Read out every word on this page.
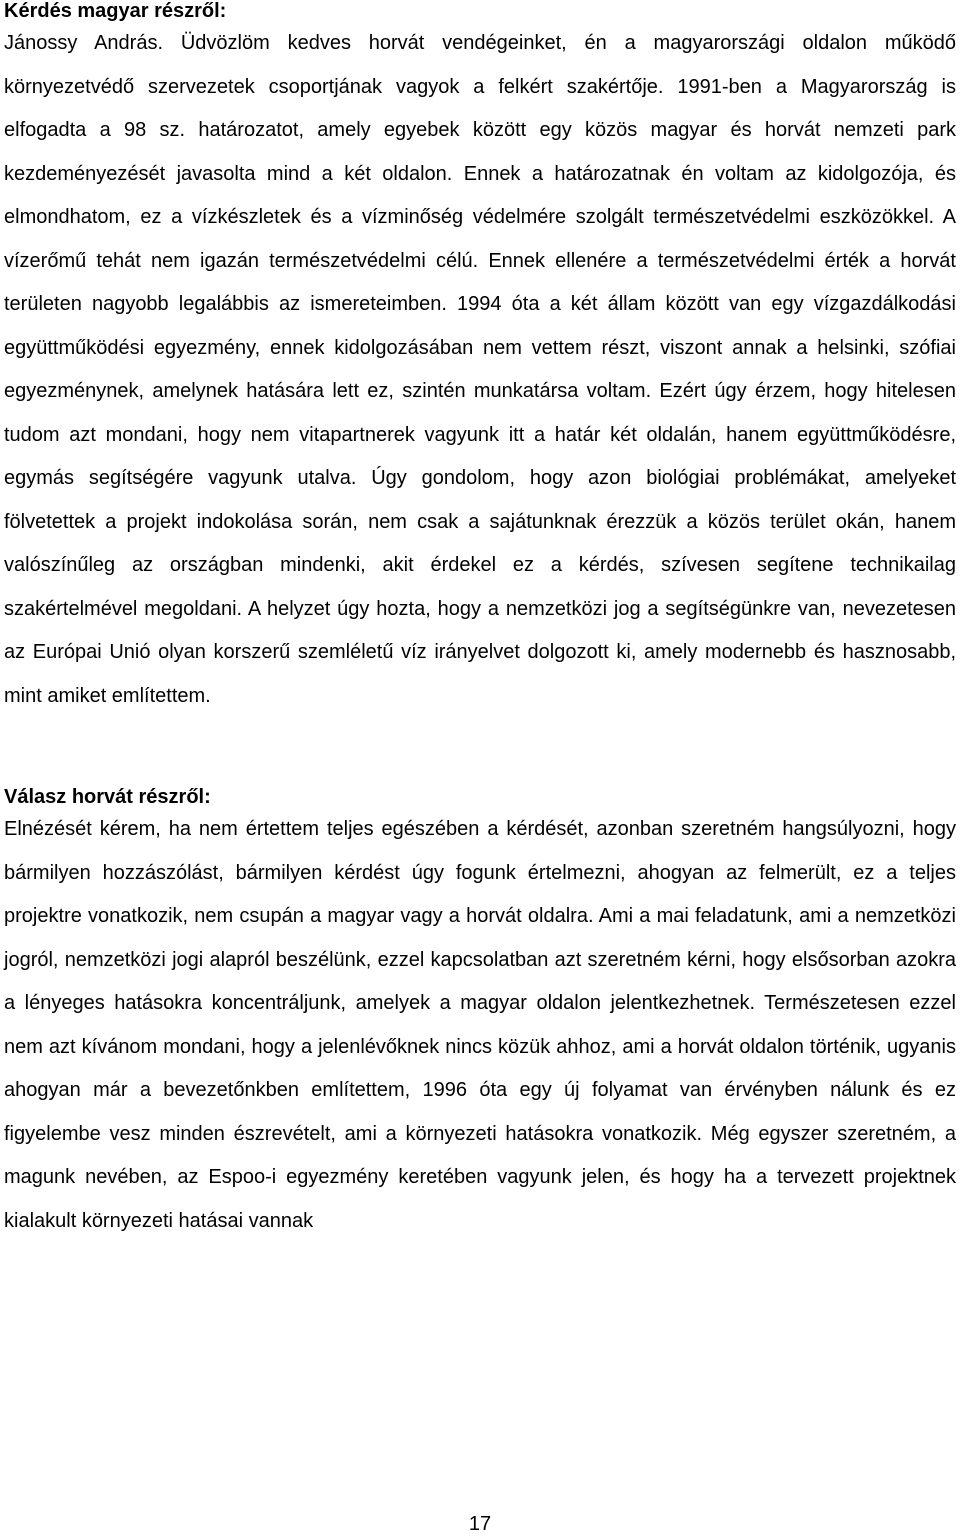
Kérdés magyar részről:

Jánossy András. Üdvözlöm kedves horvát vendégeinket, én a magyarországi oldalon működő környezetvédő szervezetek csoportjának vagyok a felkért szakértője. 1991-ben a Magyarország is elfogadta a 98 sz. határozatot, amely egyebek között egy közös magyar és horvát nemzeti park kezdeményezését javasolta mind a két oldalon. Ennek a határozatnak én voltam az kidolgozója, és elmondhatom, ez a vízkészletek és a vízminőség védelmére szolgált természetvédelmi eszközökkel. A vízerőmű tehát nem igazán természetvédelmi célú. Ennek ellenére a természetvédelmi érték a horvát területen nagyobb legalábbis az ismereteimben. 1994 óta a két állam között van egy vízgazdálkodási együttműködési egyezmény, ennek kidolgozásában nem vettem részt, viszont annak a helsinki, szófiai egyezménynek, amelynek hatására lett ez, szintén munkatársa voltam. Ezért úgy érzem, hogy hitelesen tudom azt mondani, hogy nem vitapartnerek vagyunk itt a határ két oldalán, hanem együttműködésre, egymás segítségére vagyunk utalva. Úgy gondolom, hogy azon biológiai problémákat, amelyeket fölvetettek a projekt indokolása során, nem csak a sajátunknak érezzük a közös terület okán, hanem valószínűleg az országban mindenki, akit érdekel ez a kérdés, szívesen segítene technikailag szakértelmével megoldani. A helyzet úgy hozta, hogy a nemzetközi jog a segítségünkre van, nevezetesen az Európai Unió olyan korszerű szemléletű víz irányelvet dolgozott ki, amely modernebb és hasznosabb, mint amiket említettem.

Válasz horvát részről:

Elnézését kérem, ha nem értettem teljes egészében a kérdését, azonban szeretném hangsúlyozni, hogy bármilyen hozzászólást, bármilyen kérdést úgy fogunk értelmezni, ahogyan az felmerült, ez a teljes projektre vonatkozik, nem csupán a magyar vagy a horvát oldalra. Ami a mai feladatunk, ami a nemzetközi jogról, nemzetközi jogi alapról beszélünk, ezzel kapcsolatban azt szeretném kérni, hogy elsősorban azokra a lényeges hatásokra koncentráljunk, amelyek a magyar oldalon jelentkezhetnek. Természetesen ezzel nem azt kívánom mondani, hogy a jelenlévőknek nincs közük ahhoz, ami a horvát oldalon történik, ugyanis ahogyan már a bevezetőnkben említettem, 1996 óta egy új folyamat van érvényben nálunk és ez figyelembe vesz minden észrevételt, ami a környezeti hatásokra vonatkozik. Még egyszer szeretném, a magunk nevében, az Espoo-i egyezmény keretében vagyunk jelen, és hogy ha a tervezett projektnek kialakult környezeti hatásai vannak

17
